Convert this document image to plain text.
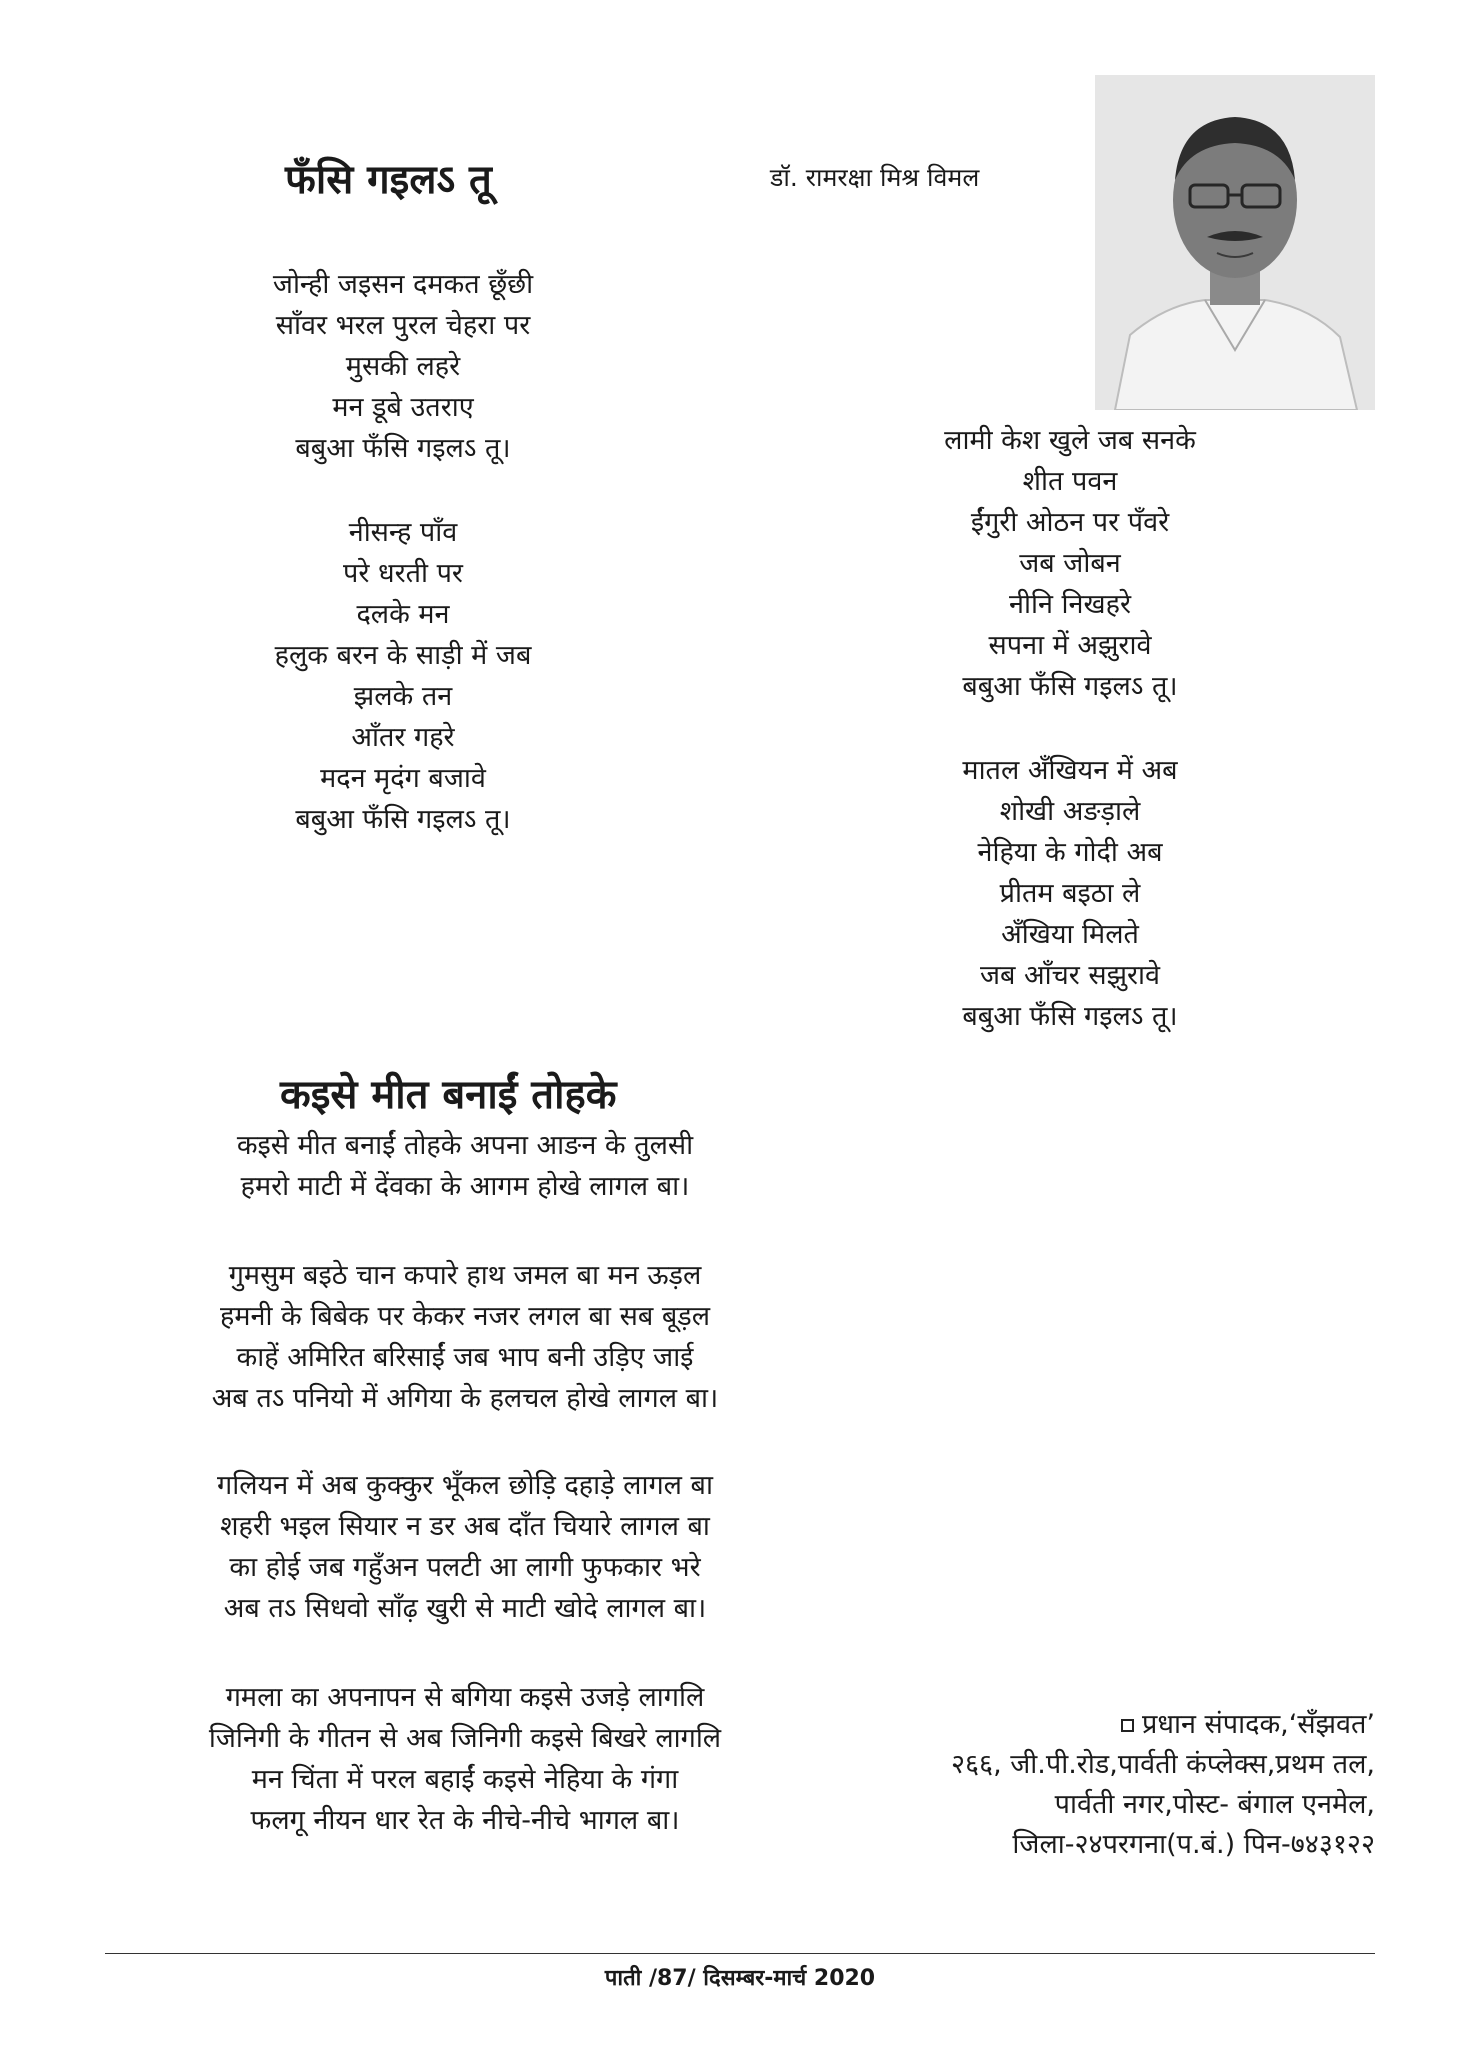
फँसि गइलऽ तू	डॉ. रामरक्षा मिश्र विमल
जोन्ही जइसन दमकत छूँछी
साँवर भरल पुरल चेहरा पर
मुसकी लहरे
मन डूबे उतराए
बबुआ फँसि गइलऽ तू।
नीसन्ह पाँव
परे धरती पर
दलके मन
हलुक बरन के साड़ी में जब
झलके तन
आँतर गहरे
मदन मृदंग बजावे
बबुआ फँसि गइलऽ तू।
लामी केश खुले जब सनके
शीत पवन
ईंगुरी ओठन पर पँवरे
जब जोबन
नीनि निखहरे
सपना में अझुरावे
बबुआ फँसि गइलऽ तू।
मातल अँखियन में अब
शोखी अङड़ाले
नेहिया के गोदी अब
प्रीतम बइठा ले
अँखिया मिलते
जब आँचर सझुरावे
बबुआ फँसि गइलऽ तू।
कइसे मीत बनाईं तोहके
कइसे मीत बनाईं तोहके अपना आङन के तुलसी
हमरो माटी में देंवका के आगम होखे लागल बा।
गुमसुम बइठे चान कपारे हाथ जमल बा मन ऊड़ल
हमनी के बिबेक पर केकर नजर लगल बा सब बूड़ल
काहें अमिरित बरिसाईं जब भाप बनी उड़िए जाई
अब तऽ पनियो में अगिया के हलचल होखे लागल बा।
गलियन में अब कुक्कुर भूँकल छोड़ि दहाड़े लागल बा
शहरी भइल सियार न डर अब दाँत चियारे लागल बा
का होई जब गहुँअन पलटी आ लागी फुफकार भरे
अब तऽ सिधवो साँढ़ खुरी से माटी खोदे लागल बा।
गमला का अपनापन से बगिया कइसे उजड़े लागलि
जिनिगी के गीतन से अब जिनिगी कइसे बिखरे लागलि
मन चिंता में परल बहाईं कइसे नेहिया के गंगा
फलगू नीयन धार रेत के नीचे-नीचे भागल बा।
प्रधान संपादक,‘सँझवत’
२६६, जी.पी.रोड,पार्वती कंप्लेक्स,प्रथम तल,
पार्वती नगर,पोस्ट- बंगाल एनमेल,
जिला-२४परगना(प.बं.) पिन-७४३१२२
पाती /87/ दिसम्बर-मार्च 2020
